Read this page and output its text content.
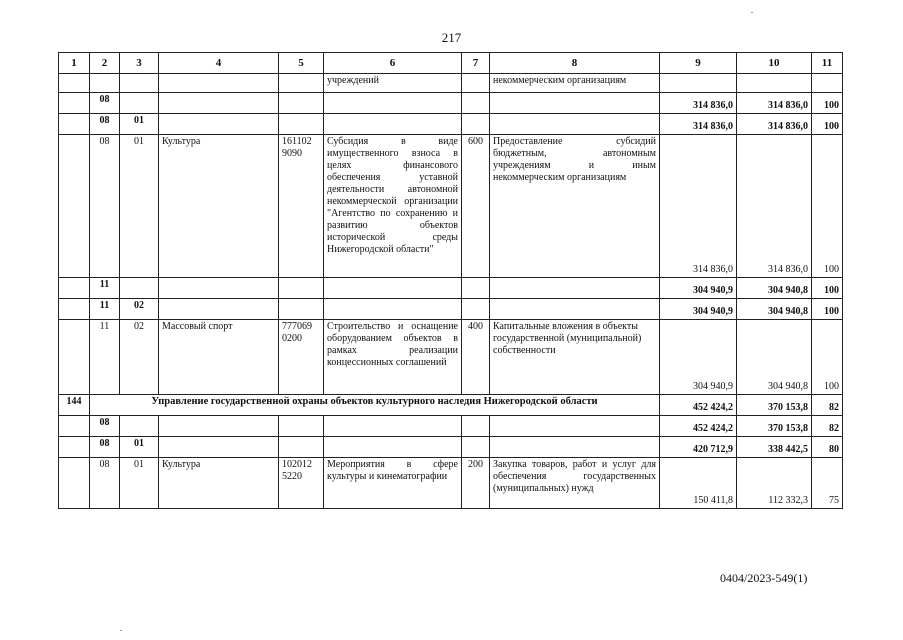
217
1	2	3	4	5	6	7	8	9	10	11
					учреждений		некоммерческим организациям			
	08							314 836,0	314 836,0	100
	08	01						314 836,0	314 836,0	100
	08	01	Культура	161102 9090	Субсидия в виде имущественного взноса в целях финансового обеспечения уставной деятельности автономной некоммерческой организации "Агентство по сохранению и развитию объектов исторической среды Нижегородской области"	600	Предоставление субсидий бюджетным, автономным учреждениям и иным некоммерческим организациям	314 836,0	314 836,0	100
	11							304 940,9	304 940,8	100
	11	02						304 940,9	304 940,8	100
	11	02	Массовый спорт	777069 0200	Строительство и оснащение оборудованием объектов в рамках реализации концессионных соглашений	400	Капитальные вложения в объекты государственной (муниципальной) собственности	304 940,9	304 940,8	100
144	Управление государственной охраны объектов культурного наследия Нижегородской области							452 424,2	370 153,8	82
	08							452 424,2	370 153,8	82
	08	01						420 712,9	338 442,5	80
	08	01	Культура	102012 5220	Мероприятия в сфере культуры и кинематографии	200	Закупка товаров, работ и услуг для обеспечения государственных (муниципальных) нужд	150 411,8	112 332,3	75
0404/2023-549(1)
